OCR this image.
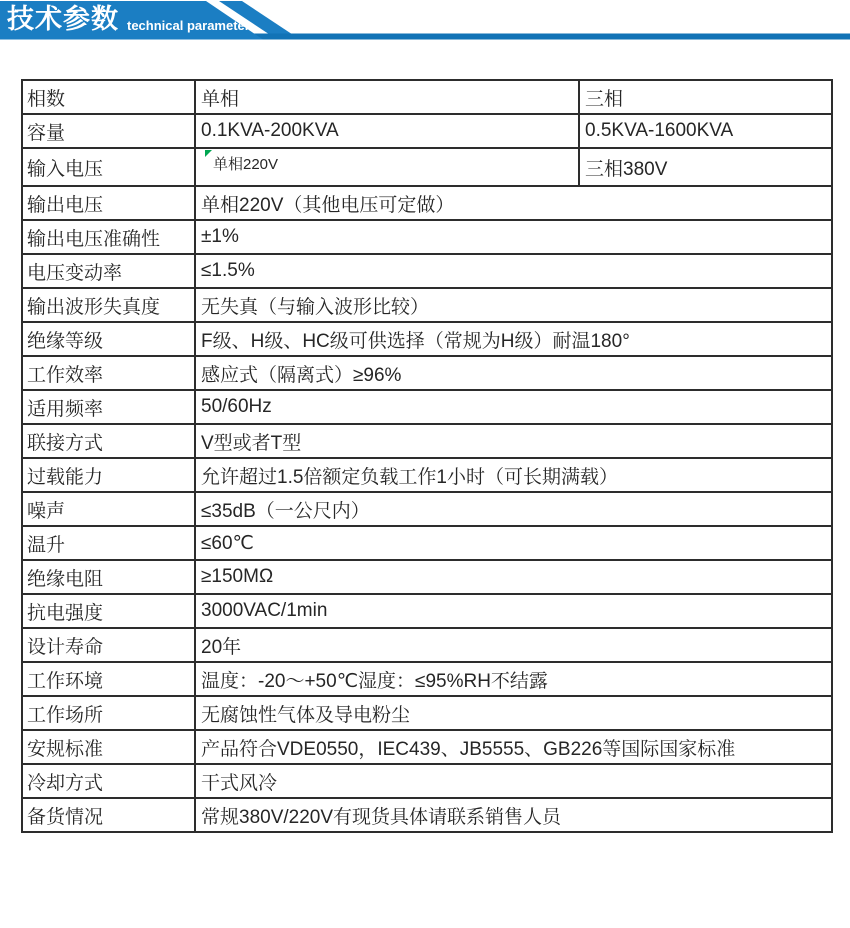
技术参数 technical parameter
相数	单相	三相
容量	0.1KVA-200KVA	0.5KVA-1600KVA
输入电压	单相220V	三相380V
输出电压	单相220V（其他电压可定做）	
输出电压准确性	±1%	
电压变动率	≤1.5%	
输出波形失真度	无失真（与输入波形比较）	
绝缘等级	F级、H级、HC级可供选择（常规为H级）耐温180°	
工作效率	感应式（隔离式）≥96%	
适用频率	50/60Hz	
联接方式	V型或者T型	
过载能力	允许超过1.5倍额定负载工作1小时（可长期满载）	
噪声	≤35dB（一公尺内）	
温升	≤60℃	
绝缘电阻	≥150MΩ	
抗电强度	3000VAC/1min	
设计寿命	20年	
工作环境	温度：-20～+50℃湿度：≤95%RH不结露	
工作场所	无腐蚀性气体及导电粉尘	
安规标准	产品符合VDE0550，IEC439、JB5555、GB226等国际国家标准	
冷却方式	干式风冷	
备货情况	常规380V/220V有现货具体请联系销售人员	
